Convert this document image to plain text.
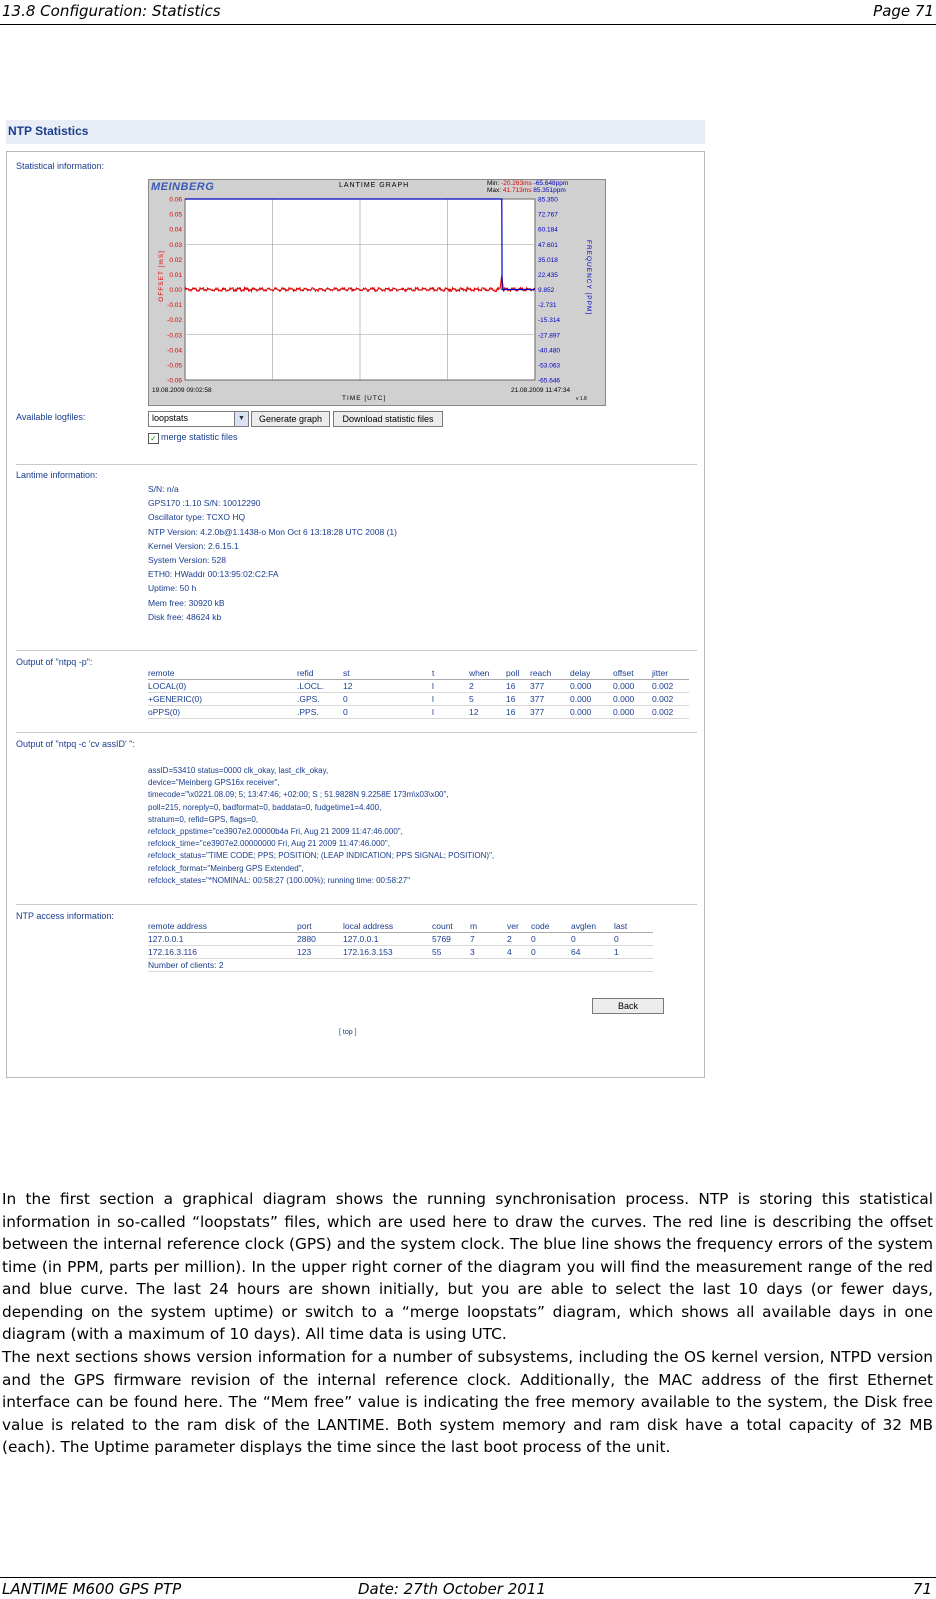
13.8 Configuration: Statistics	Page 71
NTP Statistics
Statistical information:
MEINBERG	LANTIME GRAPH	Min: -20.263ms -65.648ppm
Max: 41.713ms 85.351ppm
0.06
0.05
0.04
0.03
0.02
0.01
0.00
-0.01
-0.02
-0.03
-0.04
-0.05
-0.06
85.350
72.767
60.184
47.601
35.018
22.435
9.852
-2.731
-15.314
-27.897
-40.480
-53.063
-65.646
OFFSET [mS]	FREQUENCY [PPM]
19.08.2009 09:02:58	21.08.2009 11:47:34
TIME [UTC]	v 1.8
Available logfiles:	loopstats	▼	Generate graph	Download statistic files
✓ merge statistic files
Lantime information:
S/N: n/a
GPS170 :1.10 S/N: 10012290
Oscillator type: TCXO HQ
NTP Version: 4.2.0b@1.1438-o Mon Oct 6 13:18:28 UTC 2008 (1)
Kernel Version: 2.6.15.1
System Version: 528
ETH0: HWaddr 00:13:95:02:C2:FA
Uptime: 50 h
Mem free: 30920 kB
Disk free: 48624 kb
Output of "ntpq -p":
remote	refid	st	t	when	poll	reach	delay	offset	jitter
LOCAL(0)	.LOCL.	12	l	2	16	377	0.000	0.000	0.002
+GENERIC(0)	.GPS.	0	l	5	16	377	0.000	0.000	0.002
oPPS(0)	.PPS.	0	l	12	16	377	0.000	0.000	0.002
Output of "ntpq -c 'cv assID' ":
assID=53410 status=0000 clk_okay, last_clk_okay,
device="Meinberg GPS16x receiver",
timecode="\x0221.08.09; 5; 13:47:46; +02:00; S ; 51.9828N 9.2258E 173m\x03\x00",
poll=215, noreply=0, badformat=0, baddata=0, fudgetime1=4.400,
stratum=0, refid=GPS, flags=0,
refclock_ppstime="ce3907e2.00000b4a Fri, Aug 21 2009 11:47:46.000",
refclock_time="ce3907e2.00000000 Fri, Aug 21 2009 11:47:46.000",
refclock_status="TIME CODE; PPS; POSITION; (LEAP INDICATION; PPS SIGNAL; POSITION)",
refclock_format="Meinberg GPS Extended",
refclock_states="*NOMINAL: 00:58:27 (100.00%); running time: 00:58:27"
NTP access information:
remote address	port	local address	count	m	ver	code	avglen	last
127.0.0.1	2880	127.0.0.1	5769	7	2	0	0	0
172.16.3.116	123	172.16.3.153	55	3	4	0	64	1
Number of clients: 2								
Back
[ top ]
In the first section a graphical diagram shows the running synchronisation process. NTP is storing this statistical information in so-called “loopstats” files, which are used here to draw the curves. The red line is describing the offset between the internal reference clock (GPS) and the system clock. The blue line shows the frequency errors of the system time (in PPM, parts per million). In the upper right corner of the diagram you will find the measurement range of the red and blue curve. The last 24 hours are shown initially, but you are able to select the last 10 days (or fewer days, depending on the system uptime) or switch to a “merge loopstats” diagram, which shows all available days in one diagram (with a maximum of 10 days). All time data is using UTC.
The next sections shows version information for a number of subsystems, including the OS kernel version, NTPD version and the GPS firmware revision of the internal reference clock. Additionally, the MAC address of the first Ethernet interface can be found here. The “Mem free” value is indicating the free memory available to the system, the Disk free value is related to the ram disk of the LANTIME. Both system memory and ram disk have a total capacity of 32 MB (each). The Uptime parameter displays the time since the last boot process of the unit.
LANTIME M600 GPS PTP	Date: 27th October 2011	71
